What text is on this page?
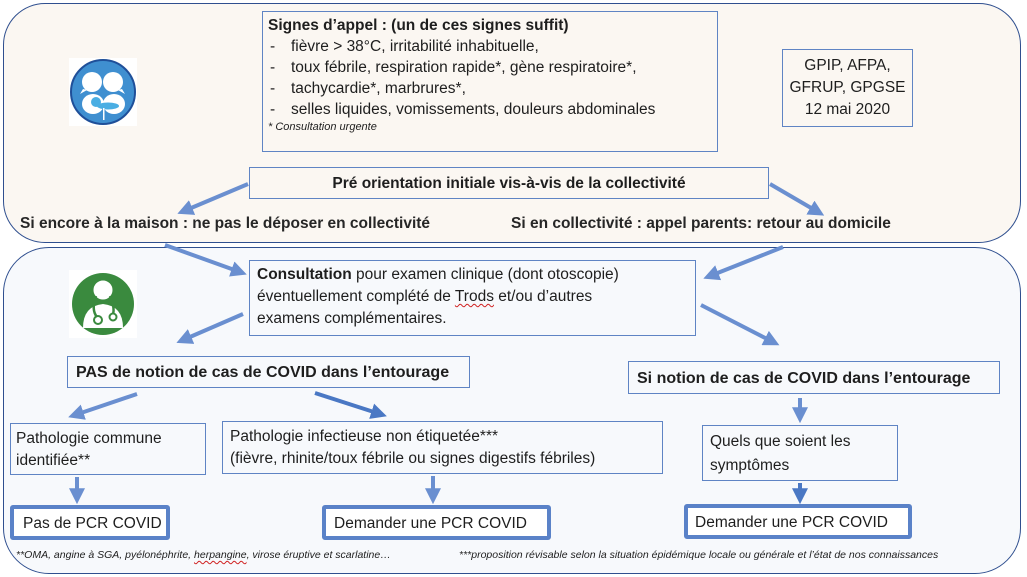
Signes d’appel : (un de ces signes suffit)
- fièvre > 38°C, irritabilité inhabituelle,
- toux fébrile, respiration rapide*, gène respiratoire*,
- tachycardie*, marbrures*,
- selles liquides, vomissements, douleurs abdominales
* Consultation urgente
GPIP, AFPA,
GFRUP, GPGSE
12 mai 2020
Pré orientation initiale vis-à-vis de la collectivité
Si encore à la maison : ne pas le déposer en collectivité	Si en collectivité : appel parents: retour au domicile
Consultation pour examen clinique (dont otoscopie)
éventuellement complété de Trods et/ou d’autres
examens complémentaires.
PAS de notion de cas de COVID dans l’entourage	Si notion de cas de COVID dans l’entourage
Pathologie commune
identifiée**
Pathologie infectieuse non étiquetée***
(fièvre, rhinite/toux fébrile ou signes digestifs fébriles)
Quels que soient les
symptômes
Pas de PCR COVID	Demander une PCR COVID	Demander une PCR COVID
**OMA, angine à SGA, pyélonéphrite, herpangine, virose éruptive et scarlatine…	***proposition révisable selon la situation épidémique locale ou générale et l’état de nos connaissances
